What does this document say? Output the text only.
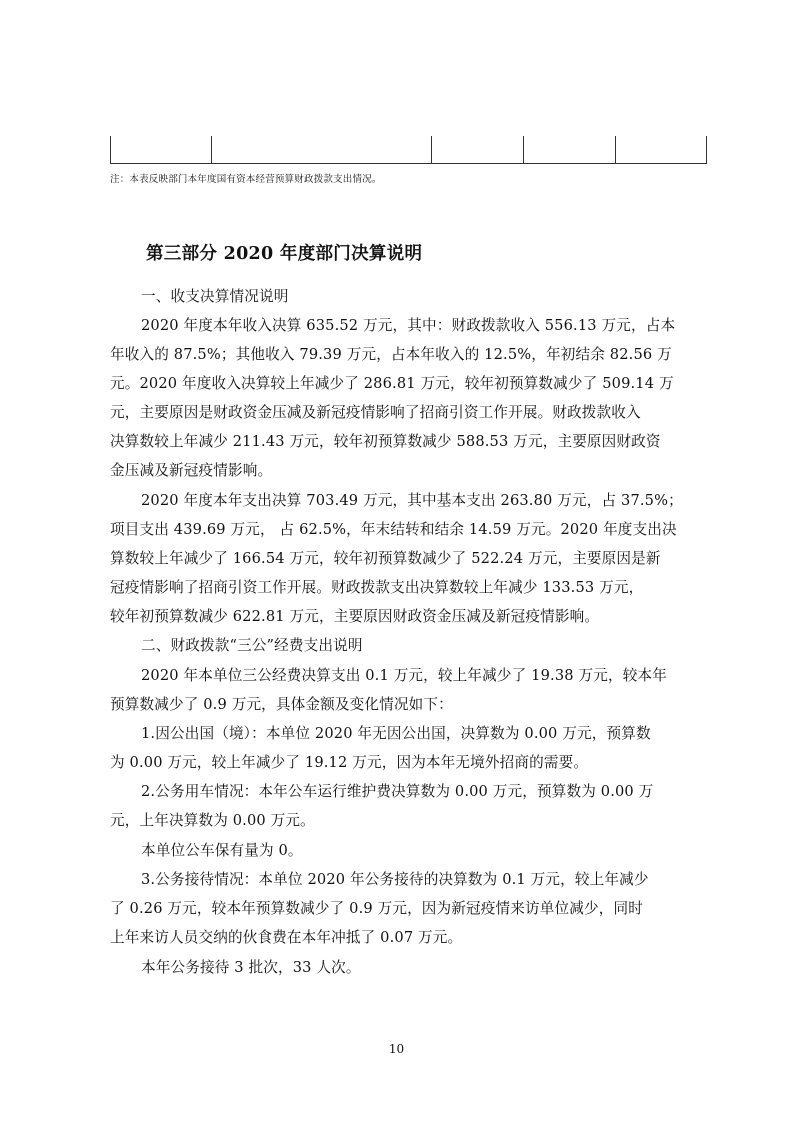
注：本表反映部门本年度国有资本经营预算财政拨款支出情况。
第三部分 2020 年度部门决算说明
一、收支决算情况说明
2020 年度本年收入决算 635.52 万元，其中：财政拨款收入 556.13 万元，占本
年收入的 87.5%；其他收入 79.39 万元，占本年收入的 12.5%，年初结余 82.56 万
元。2020 年度收入决算较上年减少了 286.81 万元，较年初预算数减少了 509.14 万
元，主要原因是财政资金压减及新冠疫情影响了招商引资工作开展。财政拨款收入
决算数较上年减少 211.43 万元，较年初预算数减少 588.53 万元，主要原因财政资
金压减及新冠疫情影响。
2020 年度本年支出决算 703.49 万元，其中基本支出 263.80 万元，占 37.5%；
项目支出 439.69 万元， 占 62.5%，年末结转和结余 14.59 万元。2020 年度支出决
算数较上年减少了 166.54 万元，较年初预算数减少了 522.24 万元，主要原因是新
冠疫情影响了招商引资工作开展。财政拨款支出决算数较上年减少 133.53 万元，
较年初预算数减少 622.81 万元，主要原因财政资金压减及新冠疫情影响。
二、财政拨款“三公”经费支出说明
2020 年本单位三公经费决算支出 0.1 万元，较上年减少了 19.38 万元，较本年
预算数减少了 0.9 万元，具体金额及变化情况如下：
1.因公出国（境）：本单位 2020 年无因公出国，决算数为 0.00 万元，预算数
为 0.00 万元，较上年减少了 19.12 万元，因为本年无境外招商的需要。
2.公务用车情况：本年公车运行维护费决算数为 0.00 万元，预算数为 0.00 万
元，上年决算数为 0.00 万元。
本单位公车保有量为 0。
3.公务接待情况：本单位 2020 年公务接待的决算数为 0.1 万元，较上年减少
了 0.26 万元，较本年预算数减少了 0.9 万元，因为新冠疫情来访单位减少，同时
上年来访人员交纳的伙食费在本年冲抵了 0.07 万元。
本年公务接待 3 批次，33 人次。
10
